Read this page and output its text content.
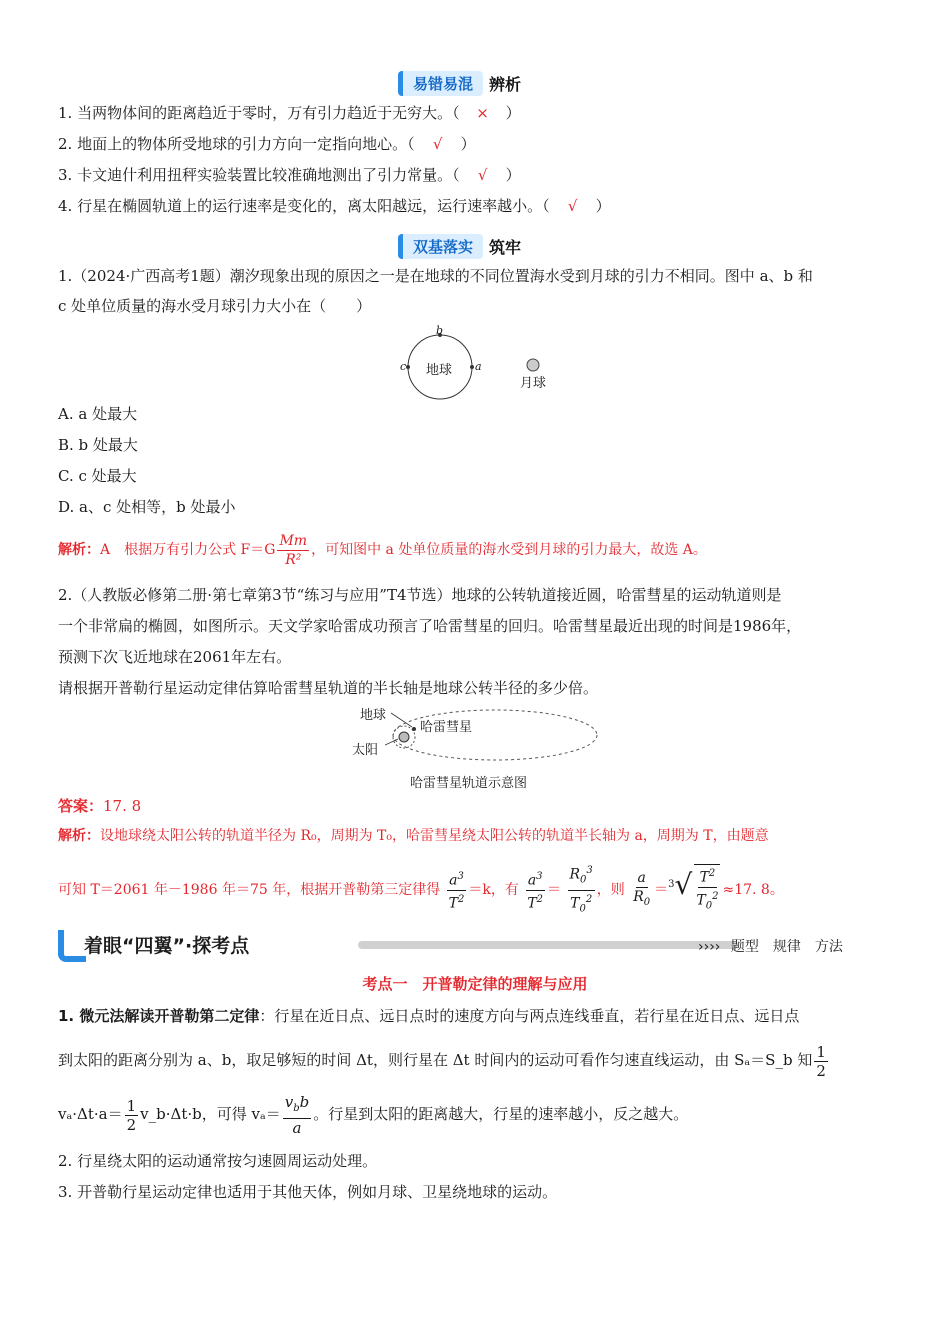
易错易混	辨析
1. 当两物体间的距离趋近于零时，万有引力趋近于无穷大。（ × ）
2. 地面上的物体所受地球的引力方向一定指向地心。（ √ ）
3. 卡文迪什利用扭秤实验装置比较准确地测出了引力常量。（ √ ）
4. 行星在椭圆轨道上的运行速率是变化的，离太阳越远，运行速率越小。（ √ ）
双基落实	筑牢
1.（2024·广西高考1题）潮汐现象出现的原因之一是在地球的不同位置海水受到月球的引力不相同。图中 a、b 和
c 处单位质量的海水受月球引力大小在（　　）
地球
b
c	a
月球
A. a 处最大
B. b 处最大
C. c 处最大
D. a、c 处相等，b 处最小
解析：A　根据万有引力公式 $F=G \frac{Mm}{\text{R²}}$ ，可知图中 a 处单位质量的海水受到月球的引力最大，故选 A。
2.（人教版必修第二册·第七章第3节“练习与应用”T4节选）地球的公转轨道接近圆，哈雷彗星的运动轨道则是
一个非常扁的椭圆，如图所示。天文学家哈雷成功预言了哈雷彗星的回归。哈雷彗星最近出现的时间是1986年，
预测下次飞近地球在2061年左右。
请根据开普勒行星运动定律估算哈雷彗星轨道的半长轴是地球公转半径的多少倍。
地球
哈雷彗星
太阳
哈雷彗星轨道示意图
答案：17. 8
解析：设地球绕太阳公转的轨道半径为 R₀，周期为 T₀，哈雷彗星绕太阳公转的轨道半长轴为 a，周期为 T，由题意
可知 T＝2061 年－1986 年＝75 年，根据开普勒第三定律得 $\frac{a^3}{T^2} =k$，有 $\frac{a^3}{T^2} = \frac{R_0^3}{T_0^2}$ ，则 $\frac{a}{R_0} =^3√ \frac{T^2}{T_0^2} \approx 17$. 8。
着眼“四翼”·探考点	›››› 题型　规律　方法
考点一　开普勒定律的理解与应用
1. 微元法解读开普勒第二定律：行星在近日点、远日点时的速度方向与两点连线垂直，若行星在近日点、远日点
到太阳的距离分别为 a、b，取足够短的时间 Δt，则行星在 Δt 时间内的运动可看作匀速直线运动，由 Sₐ＝S_b 知 $\frac{1}{2}$
$v_a\cdot\Delta t\cdot a= \frac{1}{2}$ v_b·Δt·b，可得 $v_a= \frac{v_bb}{a}$ 。行星到太阳的距离越大，行星的速率越小，反之越大。
2. 行星绕太阳的运动通常按匀速圆周运动处理。
3. 开普勒行星运动定律也适用于其他天体，例如月球、卫星绕地球的运动。
